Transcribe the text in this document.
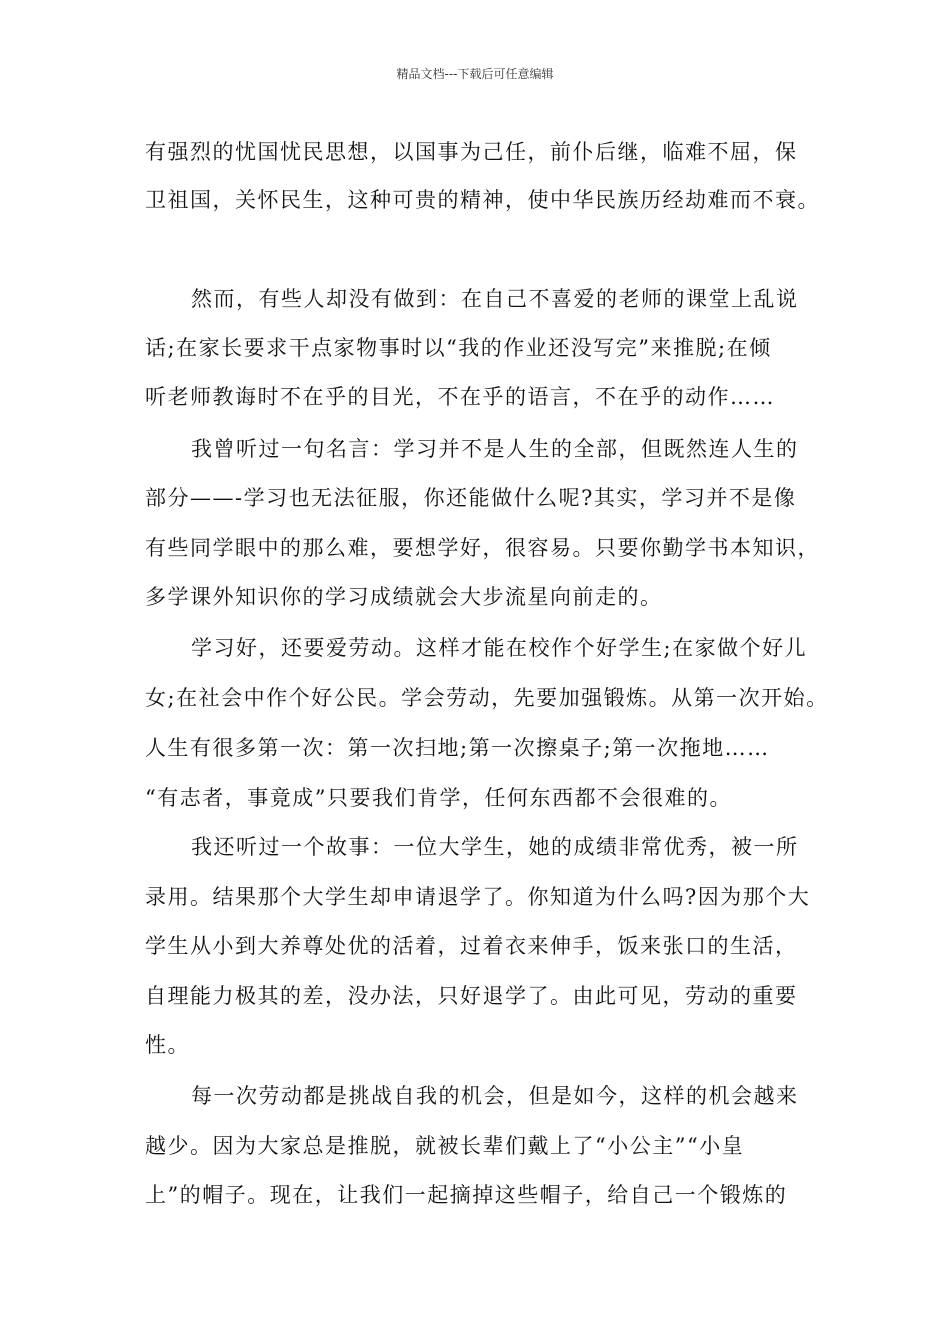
精品文档---下载后可任意编辑
有强烈的忧国忧民思想，以国事为己任，前仆后继，临难不屈，保
卫祖国，关怀民生，这种可贵的精神，使中华民族历经劫难而不衰。
然而，有些人却没有做到：在自己不喜爱的老师的课堂上乱说
话;在家长要求干点家物事时以“我的作业还没写完”来推脱;在倾
听老师教诲时不在乎的目光，不在乎的语言，不在乎的动作……
我曾听过一句名言：学习并不是人生的全部，但既然连人生的
部分——-学习也无法征服，你还能做什么呢?其实，学习并不是像
有些同学眼中的那么难，要想学好，很容易。只要你勤学书本知识，
多学课外知识你的学习成绩就会大步流星向前走的。
学习好，还要爱劳动。这样才能在校作个好学生;在家做个好儿
女;在社会中作个好公民。学会劳动，先要加强锻炼。从第一次开始。
人生有很多第一次：第一次扫地;第一次擦桌子;第一次拖地……
“有志者，事竟成”只要我们肯学，任何东西都不会很难的。
我还听过一个故事：一位大学生，她的成绩非常优秀，被一所
录用。结果那个大学生却申请退学了。你知道为什么吗?因为那个大
学生从小到大养尊处优的活着，过着衣来伸手，饭来张口的生活，
自理能力极其的差，没办法，只好退学了。由此可见，劳动的重要
性。
每一次劳动都是挑战自我的机会，但是如今，这样的机会越来
越少。因为大家总是推脱，就被长辈们戴上了“小公主”“小皇
上”的帽子。现在，让我们一起摘掉这些帽子，给自己一个锻炼的
